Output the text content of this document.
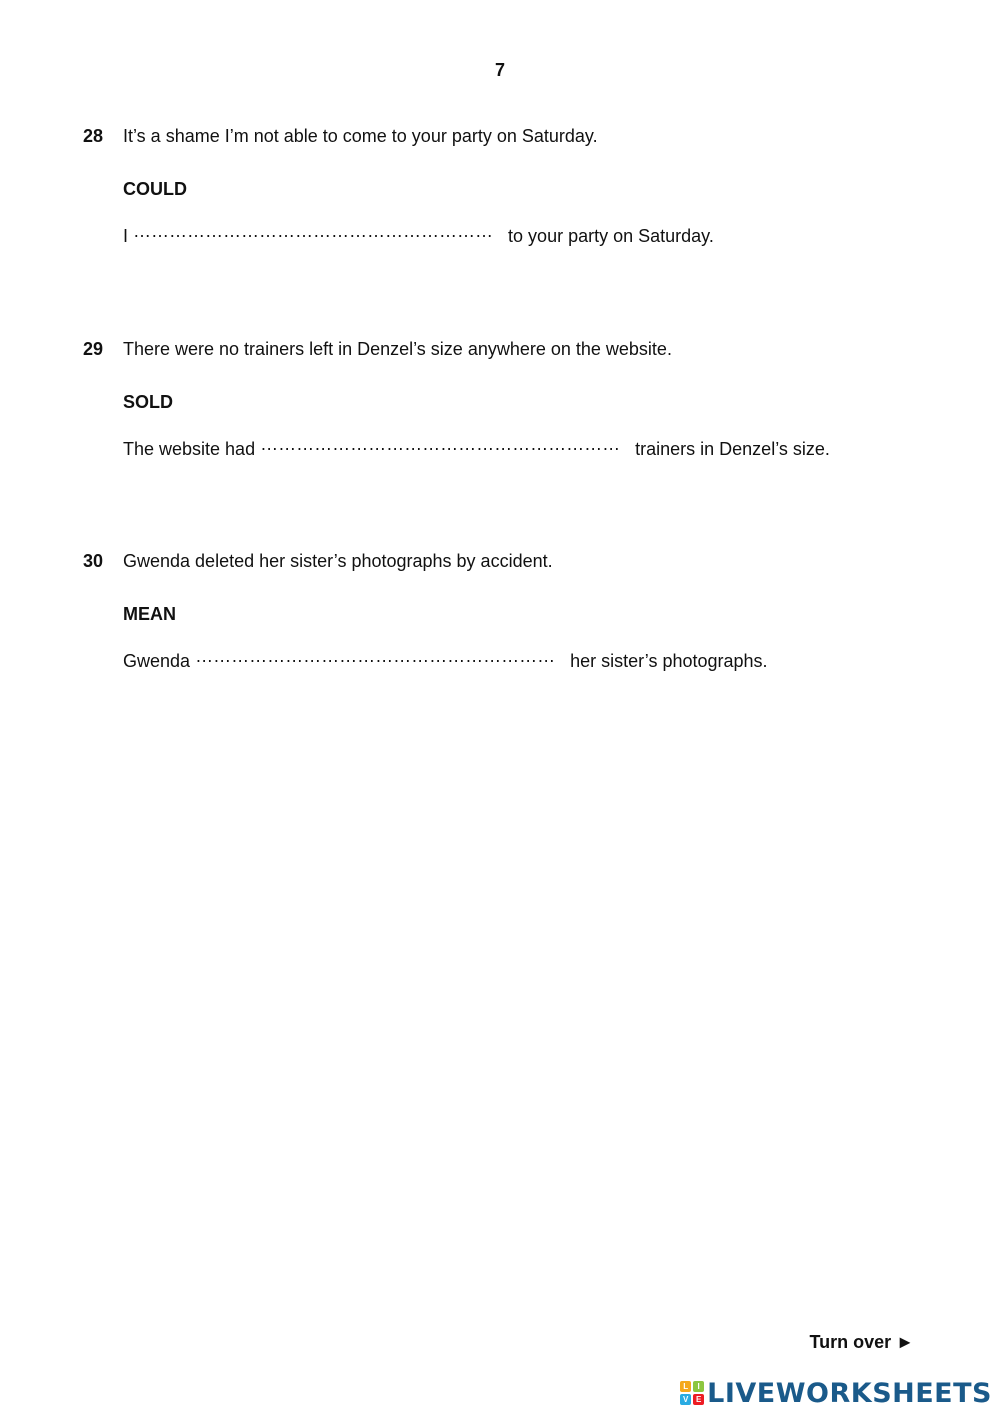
7
28	It’s a shame I’m not able to come to your party on Saturday.
COULD
I …………………………………………………… to your party on Saturday.
29	There were no trainers left in Denzel’s size anywhere on the website.
SOLD
The website had …………………………………………………… trainers in Denzel’s size.
30	Gwenda deleted her sister’s photographs by accident.
MEAN
Gwenda …………………………………………………… her sister’s photographs.
Turn over ►
L	I
V E LIVEWORKSHEETS
